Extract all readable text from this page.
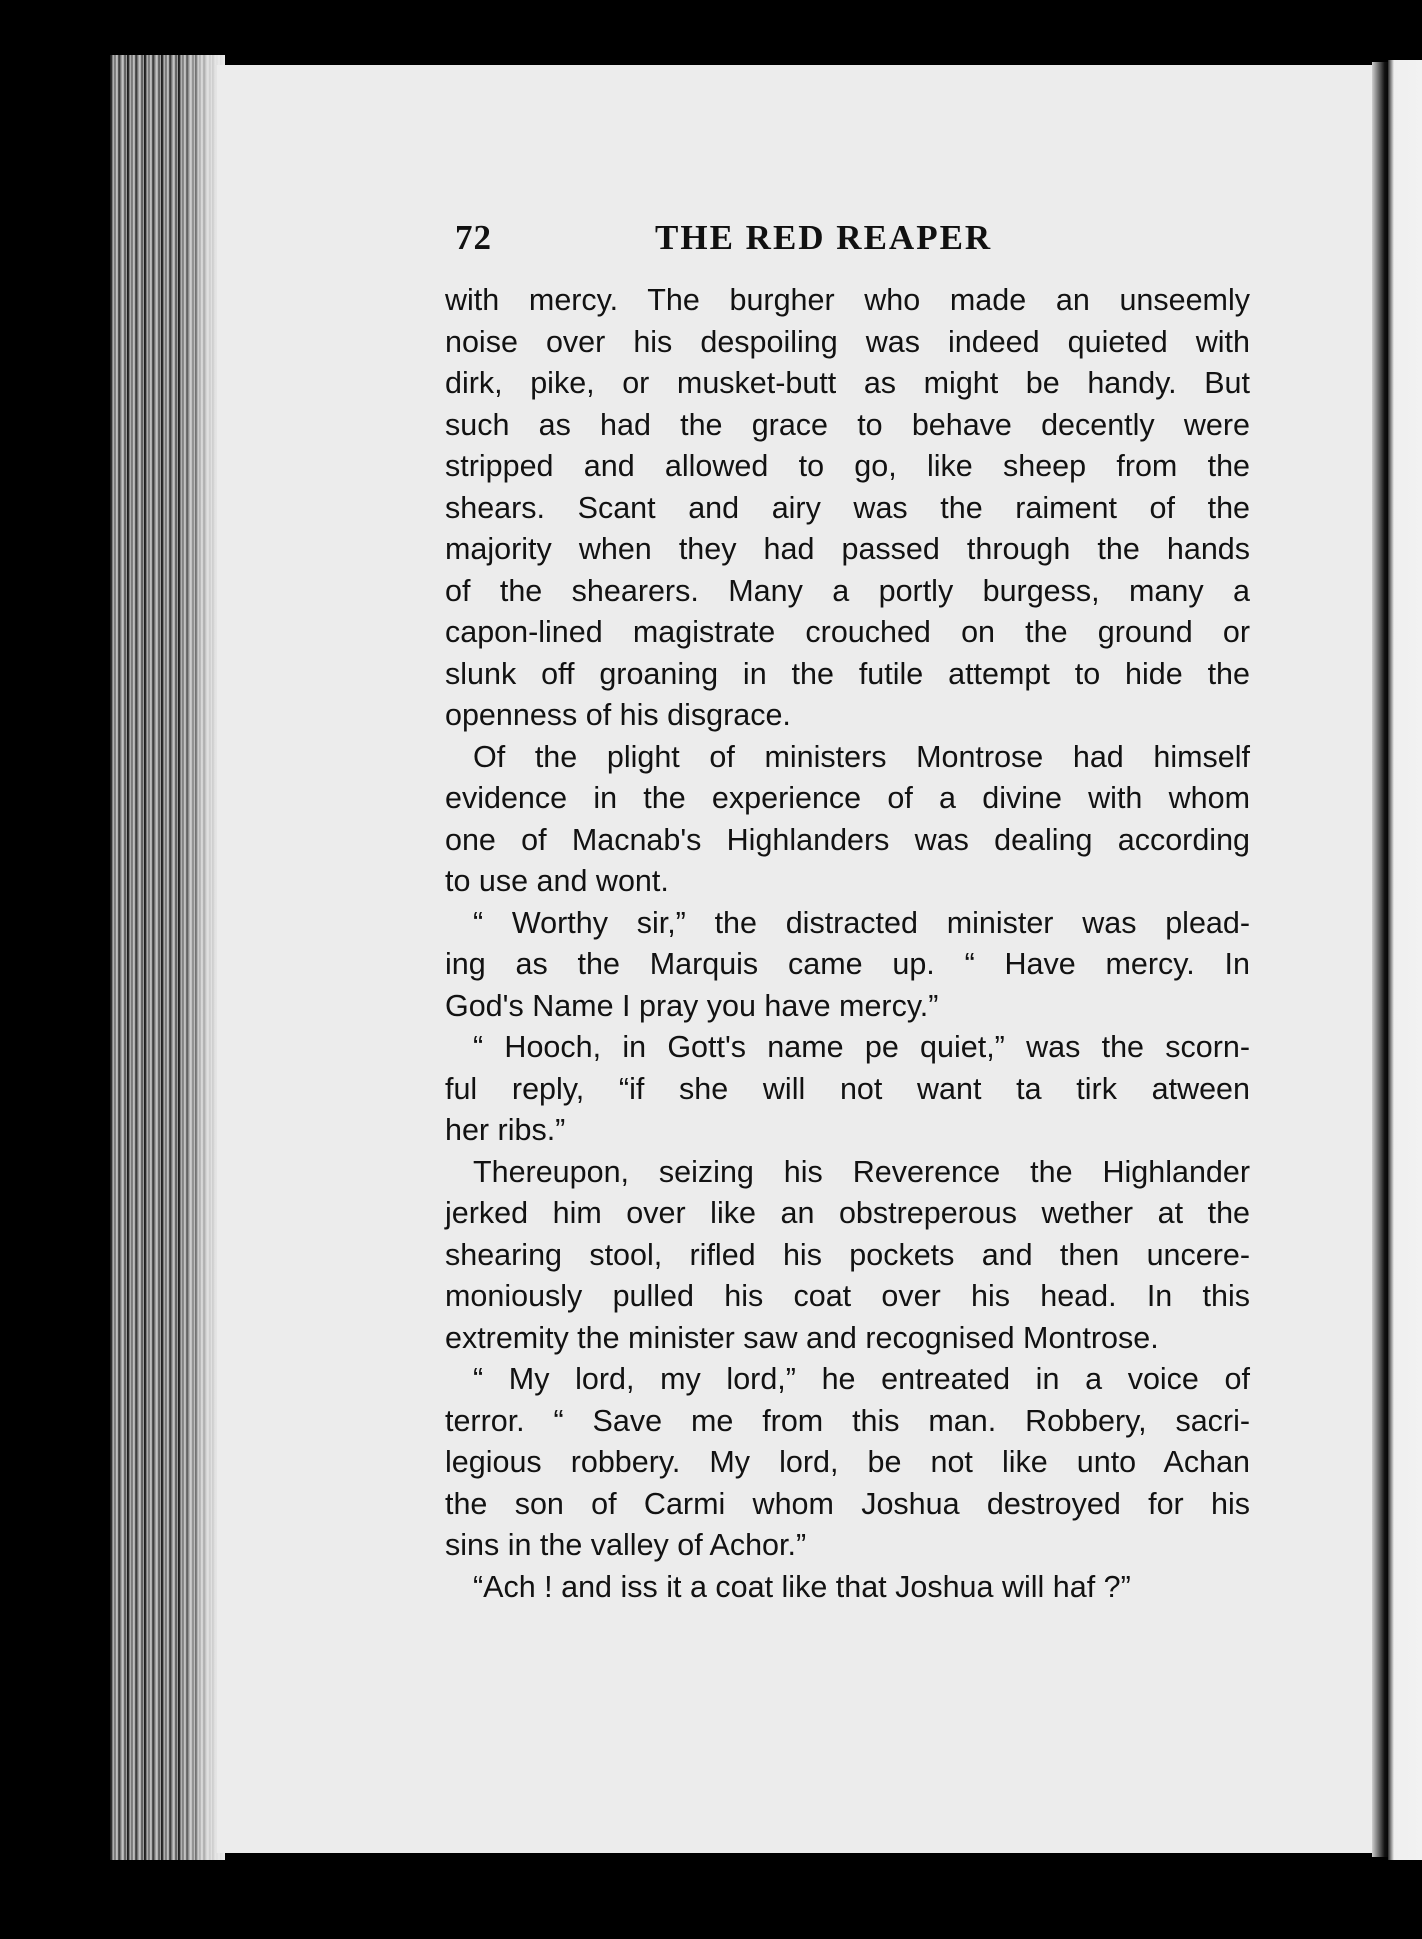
72	THE RED REAPER
with mercy. The burgher who made an unseemly
noise over his despoiling was indeed quieted with
dirk, pike, or musket-butt as might be handy. But
such as had the grace to behave decently were
stripped and allowed to go, like sheep from the
shears. Scant and airy was the raiment of the
majority when they had passed through the hands
of the shearers. Many a portly burgess, many a
capon-lined magistrate crouched on the ground or
slunk off groaning in the futile attempt to hide the
openness of his disgrace.
Of the plight of ministers Montrose had himself
evidence in the experience of a divine with whom
one of Macnab's Highlanders was dealing according
to use and wont.
“ Worthy sir,” the distracted minister was plead-
ing as the Marquis came up. “ Have mercy. In
God's Name I pray you have mercy.”
“ Hooch, in Gott's name pe quiet,” was the scorn-
ful reply, “if she will not want ta tirk atween
her ribs.”
Thereupon, seizing his Reverence the Highlander
jerked him over like an obstreperous wether at the
shearing stool, rifled his pockets and then uncere-
moniously pulled his coat over his head. In this
extremity the minister saw and recognised Montrose.
“ My lord, my lord,” he entreated in a voice of
terror. “ Save me from this man. Robbery, sacri-
legious robbery. My lord, be not like unto Achan
the son of Carmi whom Joshua destroyed for his
sins in the valley of Achor.”
“Ach ! and iss it a coat like that Joshua will haf ?”
